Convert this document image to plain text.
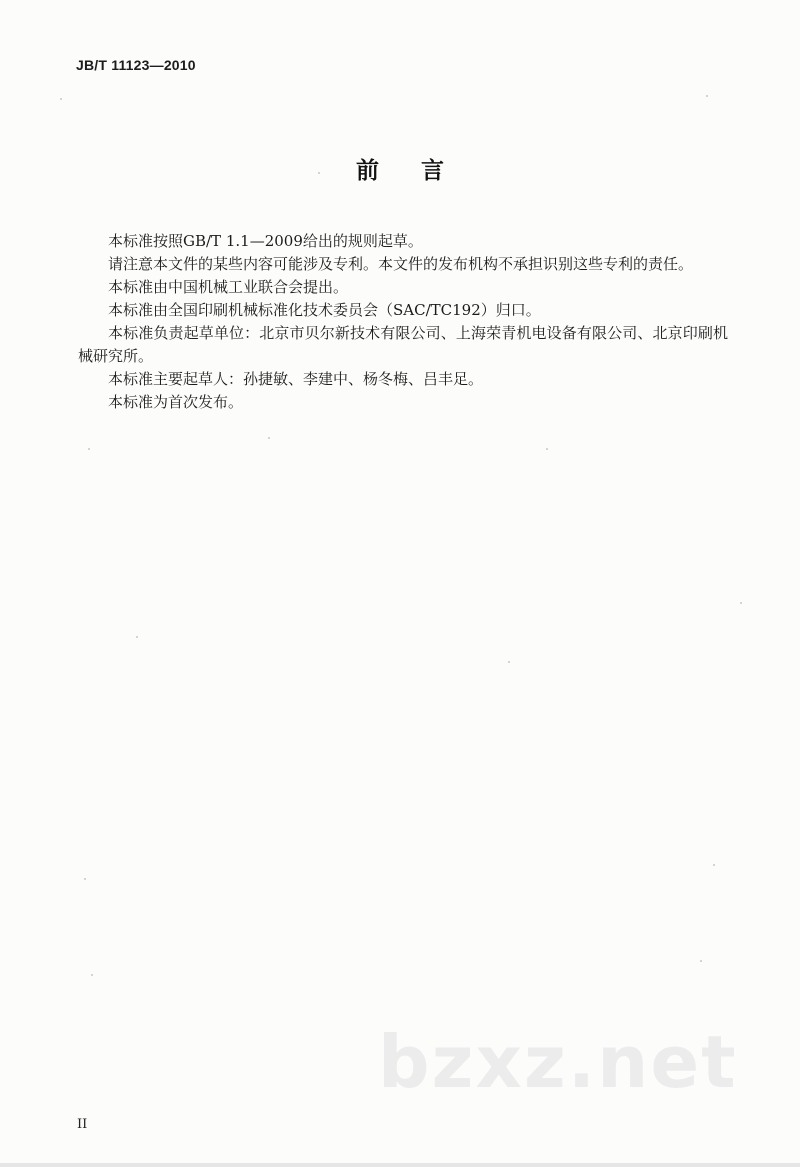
JB/T 11123—2010
前言

本标准按照GB/T 1.1—2009给出的规则起草。

请注意本文件的某些内容可能涉及专利。本文件的发布机构不承担识别这些专利的责任。

本标准由中国机械工业联合会提出。

本标准由全国印刷机械标准化技术委员会（SAC/TC192）归口。

本标准负责起草单位：北京市贝尔新技术有限公司、上海荣青机电设备有限公司、北京印刷机械研究所。

本标准主要起草人：孙捷敏、李建中、杨冬梅、吕丰足。

本标准为首次发布。

II
bzxz.net
